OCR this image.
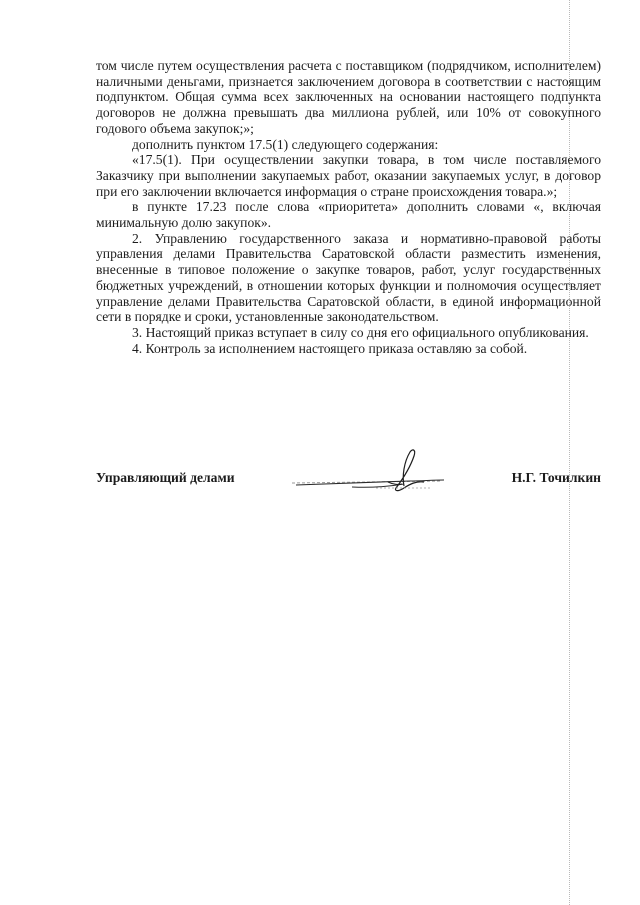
том числе путем осуществления расчета с поставщиком (подрядчиком, исполнителем) наличными деньгами, признается заключением договора в соответствии с настоящим подпунктом. Общая сумма всех заключенных на основании настоящего подпункта договоров не должна превышать два миллиона рублей, или 10% от совокупного годового объема закупок;»;

дополнить пунктом 17.5(1) следующего содержания:

«17.5(1). При осуществлении закупки товара, в том числе поставляемого Заказчику при выполнении закупаемых работ, оказании закупаемых услуг, в договор при его заключении включается информация о стране происхождения товара.»;

в пункте 17.23 после слова «приоритета» дополнить словами «, включая минимальную долю закупок».

2. Управлению государственного заказа и нормативно-правовой работы управления делами Правительства Саратовской области разместить изменения, внесенные в типовое положение о закупке товаров, работ, услуг государственных бюджетных учреждений, в отношении которых функции и полномочия осуществляет управление делами Правительства Саратовской области, в единой информационной сети в порядке и сроки, установленные законодательством.

3. Настоящий приказ вступает в силу со дня его официального опубликования.

4. Контроль за исполнением настоящего приказа оставляю за собой.

Управляющий делами	Н.Г. Точилкин
